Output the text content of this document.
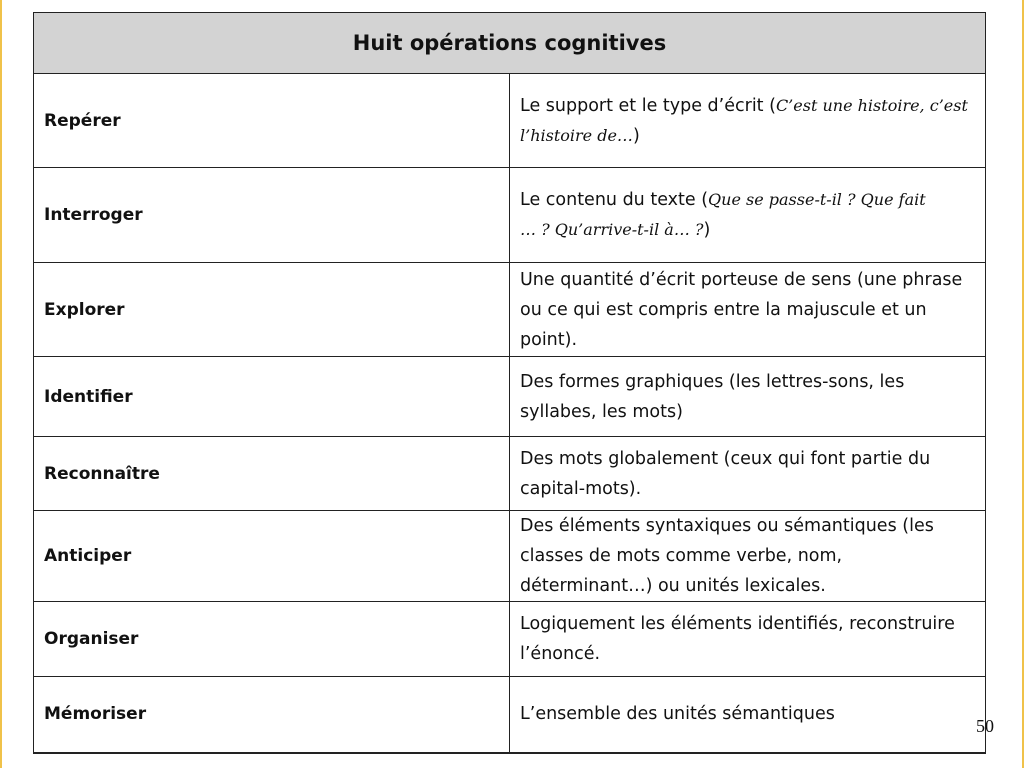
Huit opérations cognitives	
Repérer	Le support et le type d’écrit (C’est une histoire, c’est l’histoire de…)
Interroger	Le contenu du texte (Que se passe-t-il ? Que fait … ? Qu’arrive-t-il à… ?)
Explorer	Une quantité d’écrit porteuse de sens (une phrase ou ce qui est compris entre la majuscule et un point).
Identifier	Des formes graphiques (les lettres-sons, les syllabes, les mots)
Reconnaître	Des mots globalement (ceux qui font partie du capital-mots).
Anticiper	Des éléments syntaxiques ou sémantiques (les classes de mots comme verbe, nom, déterminant…) ou unités lexicales.
Organiser	Logiquement les éléments identifiés, reconstruire l’énoncé.
Mémoriser	L’ensemble des unités sémantiques
50
